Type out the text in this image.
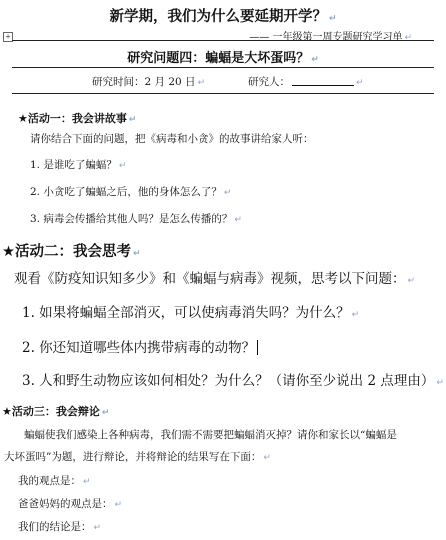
新学期，我们为什么要延期开学？ ↵
—— 一年级第一周专题研究学习单 ↵
+
研究问题四：蝙蝠是大坏蛋吗？ ↵
研究时间：2 月 20 日 ↵	研究人：	↵
★活动一：我会讲故事 ↵
请你结合下面的问题，把《病毒和小贪》的故事讲给家人听：
1. 是谁吃了蝙蝠？ ↵
2. 小贪吃了蝙蝠之后，他的身体怎么了？ ↵
3. 病毒会传播给其他人吗？是怎么传播的？ ↵
★活动二：我会思考 ↵
观看《防疫知识知多少》和《蝙蝠与病毒》视频，思考以下问题： ↵
1. 如果将蝙蝠全部消灭，可以使病毒消失吗？为什么？ ↵
2. 你还知道哪些体内携带病毒的动物？
3. 人和野生动物应该如何相处？为什么？（请你至少说出 2 点理由） ↵
★活动三：我会辩论 ↵
蝙蝠使我们感染上各种病毒，我们需不需要把蝙蝠消灭掉？请你和家长以“蝙蝠是
大坏蛋吗”为题，进行辩论，并将辩论的结果写在下面： ↵
我的观点是： ↵
爸爸妈妈的观点是： ↵
我们的结论是： ↵
